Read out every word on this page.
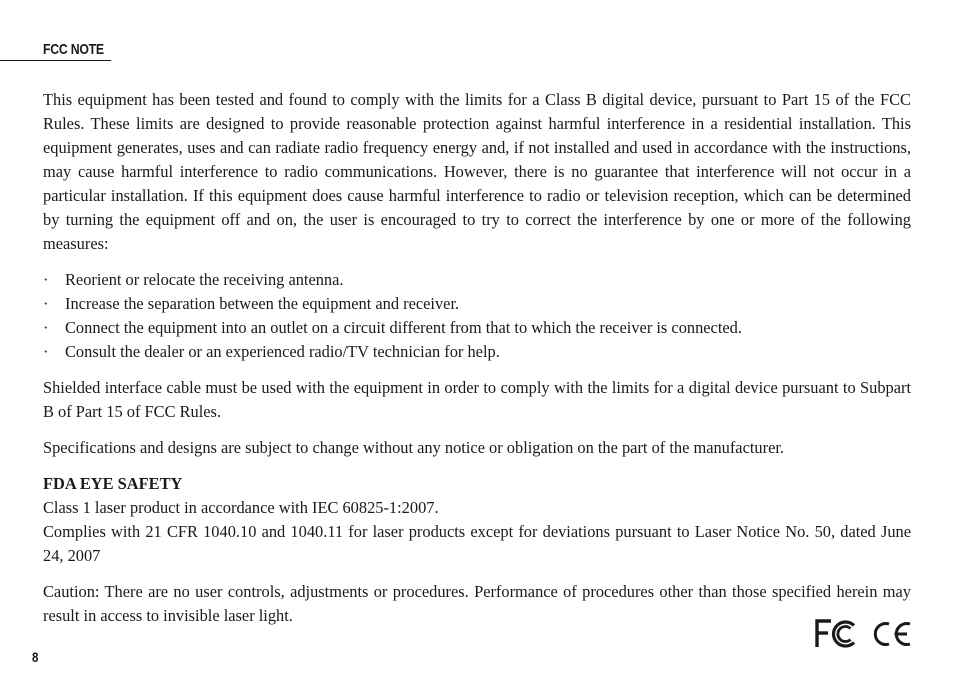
FCC NOTE

This equipment has been tested and found to comply with the limits for a Class B digital device, pursuant to Part 15 of the FCC Rules. These limits are designed to provide reasonable protection against harmful interference in a residential installation. This equipment generates, uses and can radiate radio frequency energy and, if not installed and used in accordance with the instructions, may cause harmful interference to radio communications. However, there is no guarantee that interference will not occur in a particular installation. If this equipment does cause harmful interference to radio or television reception, which can be determined by turning the equipment off and on, the user is encouraged to try to correct the interference by one or more of the following measures:

· Reorient or relocate the receiving antenna.
· Increase the separation between the equipment and receiver.
· Connect the equipment into an outlet on a circuit different from that to which the receiver is connected.
· Consult the dealer or an experienced radio/TV technician for help.

Shielded interface cable must be used with the equipment in order to comply with the limits for a digital device pursuant to Subpart B of Part 15 of FCC Rules.

Specifications and designs are subject to change without any notice or obligation on the part of the manufacturer.

FDA EYE SAFETY

Class 1 laser product in accordance with IEC 60825-1:2007.

Complies with 21 CFR 1040.10 and 1040.11 for laser products except for deviations pursuant to Laser Notice No. 50, dated June 24, 2007

Caution: There are no user controls, adjustments or procedures. Performance of procedures other than those specified herein may result in access to invisible laser light.

8
